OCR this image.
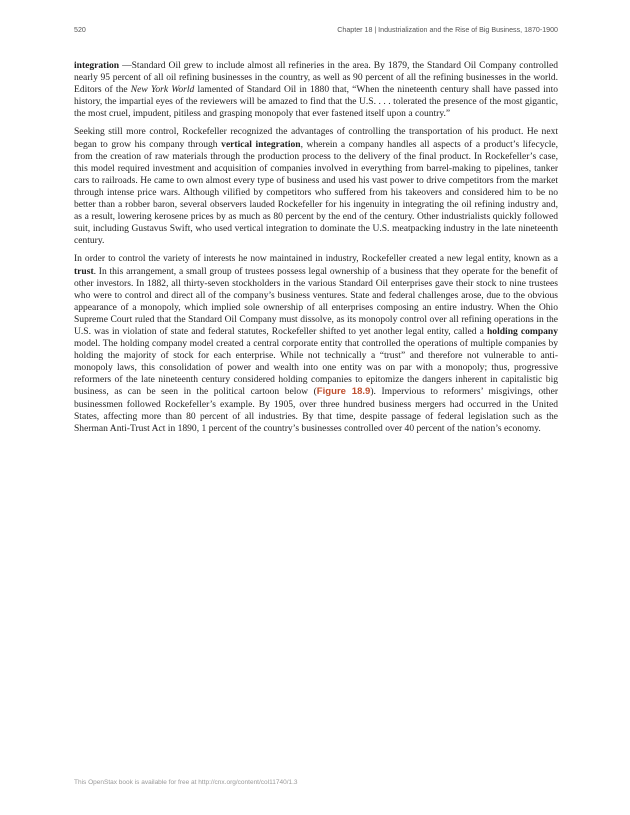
520	Chapter 18 | Industrialization and the Rise of Big Business, 1870-1900

integration —Standard Oil grew to include almost all refineries in the area. By 1879, the Standard Oil Company controlled nearly 95 percent of all oil refining businesses in the country, as well as 90 percent of all the refining businesses in the world. Editors of the New York World lamented of Standard Oil in 1880 that, “When the nineteenth century shall have passed into history, the impartial eyes of the reviewers will be amazed to find that the U.S. . . . tolerated the presence of the most gigantic, the most cruel, impudent, pitiless and grasping monopoly that ever fastened itself upon a country.”

Seeking still more control, Rockefeller recognized the advantages of controlling the transportation of his product. He next began to grow his company through vertical integration, wherein a company handles all aspects of a product’s lifecycle, from the creation of raw materials through the production process to the delivery of the final product. In Rockefeller’s case, this model required investment and acquisition of companies involved in everything from barrel-making to pipelines, tanker cars to railroads. He came to own almost every type of business and used his vast power to drive competitors from the market through intense price wars. Although vilified by competitors who suffered from his takeovers and considered him to be no better than a robber baron, several observers lauded Rockefeller for his ingenuity in integrating the oil refining industry and, as a result, lowering kerosene prices by as much as 80 percent by the end of the century. Other industrialists quickly followed suit, including Gustavus Swift, who used vertical integration to dominate the U.S. meatpacking industry in the late nineteenth century.

In order to control the variety of interests he now maintained in industry, Rockefeller created a new legal entity, known as a trust. In this arrangement, a small group of trustees possess legal ownership of a business that they operate for the benefit of other investors. In 1882, all thirty-seven stockholders in the various Standard Oil enterprises gave their stock to nine trustees who were to control and direct all of the company’s business ventures. State and federal challenges arose, due to the obvious appearance of a monopoly, which implied sole ownership of all enterprises composing an entire industry. When the Ohio Supreme Court ruled that the Standard Oil Company must dissolve, as its monopoly control over all refining operations in the U.S. was in violation of state and federal statutes, Rockefeller shifted to yet another legal entity, called a holding company model. The holding company model created a central corporate entity that controlled the operations of multiple companies by holding the majority of stock for each enterprise. While not technically a “trust” and therefore not vulnerable to anti-monopoly laws, this consolidation of power and wealth into one entity was on par with a monopoly; thus, progressive reformers of the late nineteenth century considered holding companies to epitomize the dangers inherent in capitalistic big business, as can be seen in the political cartoon below (Figure 18.9). Impervious to reformers’ misgivings, other businessmen followed Rockefeller’s example. By 1905, over three hundred business mergers had occurred in the United States, affecting more than 80 percent of all industries. By that time, despite passage of federal legislation such as the Sherman Anti-Trust Act in 1890, 1 percent of the country’s businesses controlled over 40 percent of the nation’s economy.

This OpenStax book is available for free at http://cnx.org/content/col11740/1.3
